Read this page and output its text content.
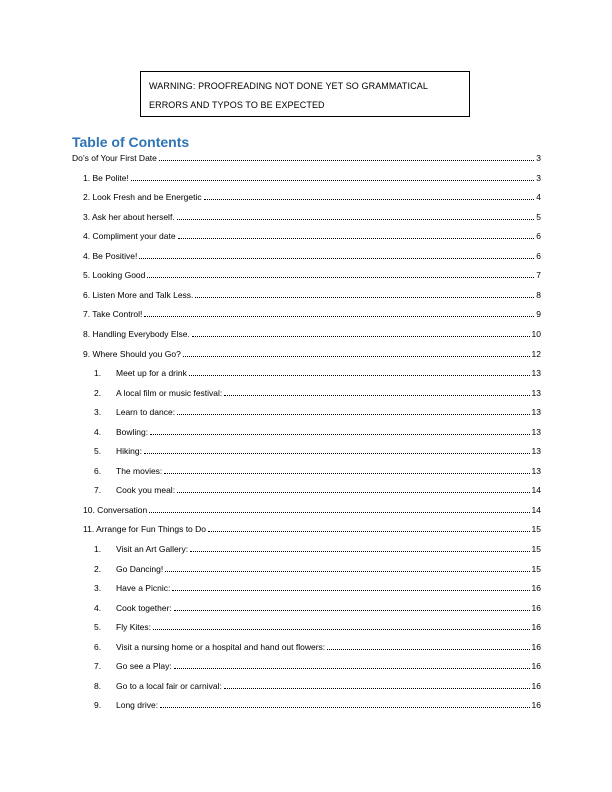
WARNING: PROOFREADING NOT DONE YET SO GRAMMATICAL
ERRORS AND TYPOS TO BE EXPECTED
Table of Contents
Do’s of Your First Date	3
1. Be Polite!	3
2. Look Fresh and be Energetic	4
3. Ask her about herself.	5
4. Compliment your date	6
4. Be Positive!	6
5. Looking Good	7
6. Listen More and Talk Less.	8
7. Take Control!	9
8. Handling Everybody Else.	10
9. Where Should you Go?	12
1.	Meet up for a drink	13
2.	A local film or music festival:	13
3.	Learn to dance:	13
4.	Bowling:	13
5.	Hiking:	13
6.	The movies:	13
7.	Cook you meal:	14
10. Conversation	14
11. Arrange for Fun Things to Do	15
1.	Visit an Art Gallery:	15
2.	Go Dancing!	15
3.	Have a Picnic:	16
4.	Cook together:	16
5.	Fly Kites:	16
6.	Visit a nursing home or a hospital and hand out flowers:	16
7.	Go see a Play:	16
8.	Go to a local fair or carnival:	16
9.	Long drive:	16
